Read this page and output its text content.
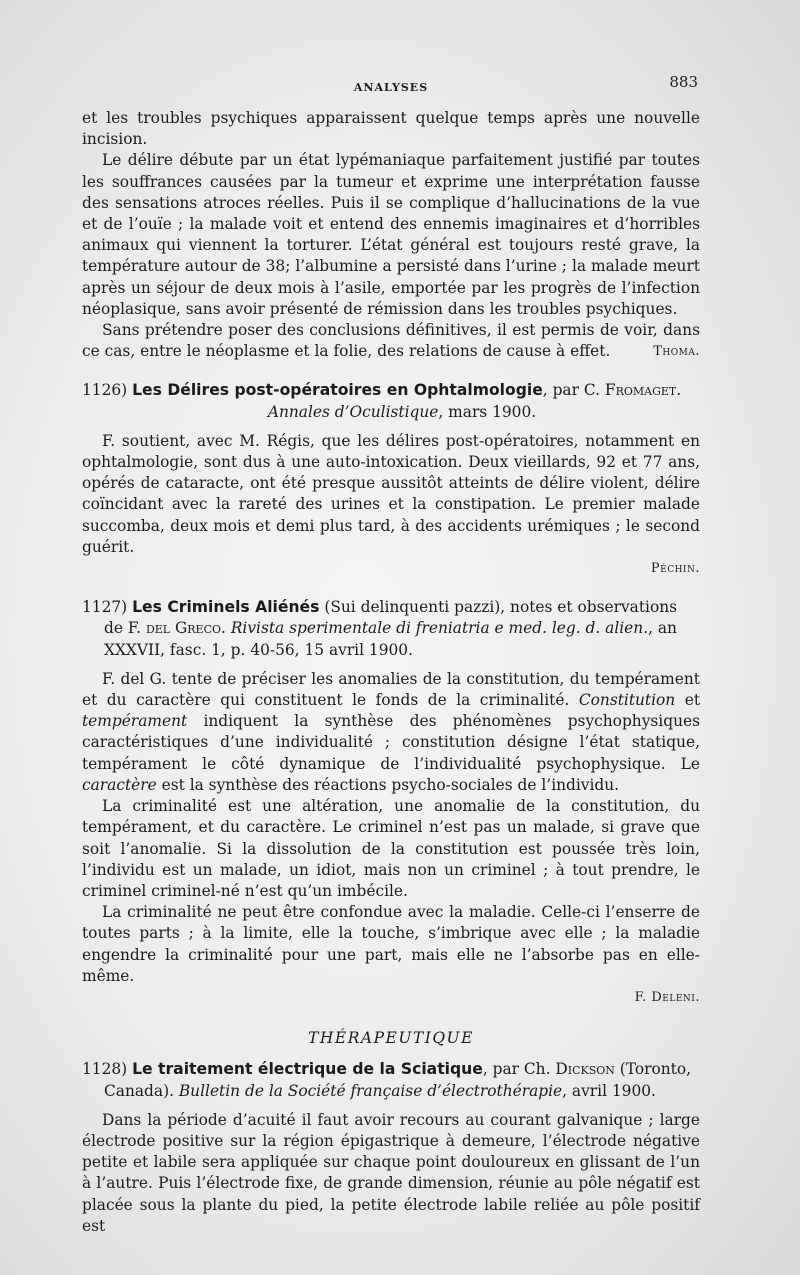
ANALYSES	883

et les troubles psychiques apparaissent quelque temps après une nouvelle incision.

Le délire débute par un état lypémaniaque parfaitement justifié par toutes les souffrances causées par la tumeur et exprime une interprétation fausse des sensations atroces réelles. Puis il se complique d’hallucinations de la vue et de l’ouïe ; la malade voit et entend des ennemis imaginaires et d’horribles animaux qui viennent la torturer. L’état général est toujours resté grave, la température autour de 38; l’albumine a persisté dans l’urine ; la malade meurt après un séjour de deux mois à l’asile, emportée par les progrès de l’infection néoplasique, sans avoir présenté de rémission dans les troubles psychiques.

Sans prétendre poser des conclusions définitives, il est permis de voir, dans ce cas, entre le néoplasme et la folie, des relations de cause à effet.	Thoma.

1126) Les Délires post-opératoires en Ophtalmologie, par C. Fromaget.
Annales d’Oculistique, mars 1900.

F. soutient, avec M. Régis, que les délires post-opératoires, notamment en ophtalmologie, sont dus à une auto-intoxication. Deux vieillards, 92 et 77 ans, opérés de cataracte, ont été presque aussitôt atteints de délire violent, délire coïncidant avec la rareté des urines et la constipation. Le premier malade succomba, deux mois et demi plus tard, à des accidents urémiques ; le second guérit.

Péchin.
1127) Les Criminels Aliénés (Sui delinquenti pazzi), notes et observations de F. del Greco. Rivista sperimentale di freniatria e med. leg. d. alien., an XXXVII, fasc. 1, p. 40-56, 15 avril 1900.

F. del G. tente de préciser les anomalies de la constitution, du tempérament et du caractère qui constituent le fonds de la criminalité. Constitution et tempérament indiquent la synthèse des phénomènes psychophysiques caractéristiques d’une individualité ; constitution désigne l’état statique, tempérament le côté dynamique de l’individualité psychophysique. Le caractère est la synthèse des réactions psycho-sociales de l’individu.

La criminalité est une altération, une anomalie de la constitution, du tempérament, et du caractère. Le criminel n’est pas un malade, si grave que soit l’anomalie. Si la dissolution de la constitution est poussée très loin, l’individu est un malade, un idiot, mais non un criminel ; à tout prendre, le criminel criminel-né n’est qu’un imbécile.

La criminalité ne peut être confondue avec la maladie. Celle-ci l’enserre de toutes parts ; à la limite, elle la touche, s’imbrique avec elle ; la maladie engendre la criminalité pour une part, mais elle ne l’absorbe pas en elle-même.

F. Deleni.
THÉRAPEUTIQUE
1128) Le traitement électrique de la Sciatique, par Ch. Dickson (Toronto, Canada). Bulletin de la Société française d’électrothérapie, avril 1900.

Dans la période d’acuité il faut avoir recours au courant galvanique ; large électrode positive sur la région épigastrique à demeure, l’électrode négative petite et labile sera appliquée sur chaque point douloureux en glissant de l’un à l’autre. Puis l’électrode fixe, de grande dimension, réunie au pôle négatif est placée sous la plante du pied, la petite électrode labile reliée au pôle positif est
